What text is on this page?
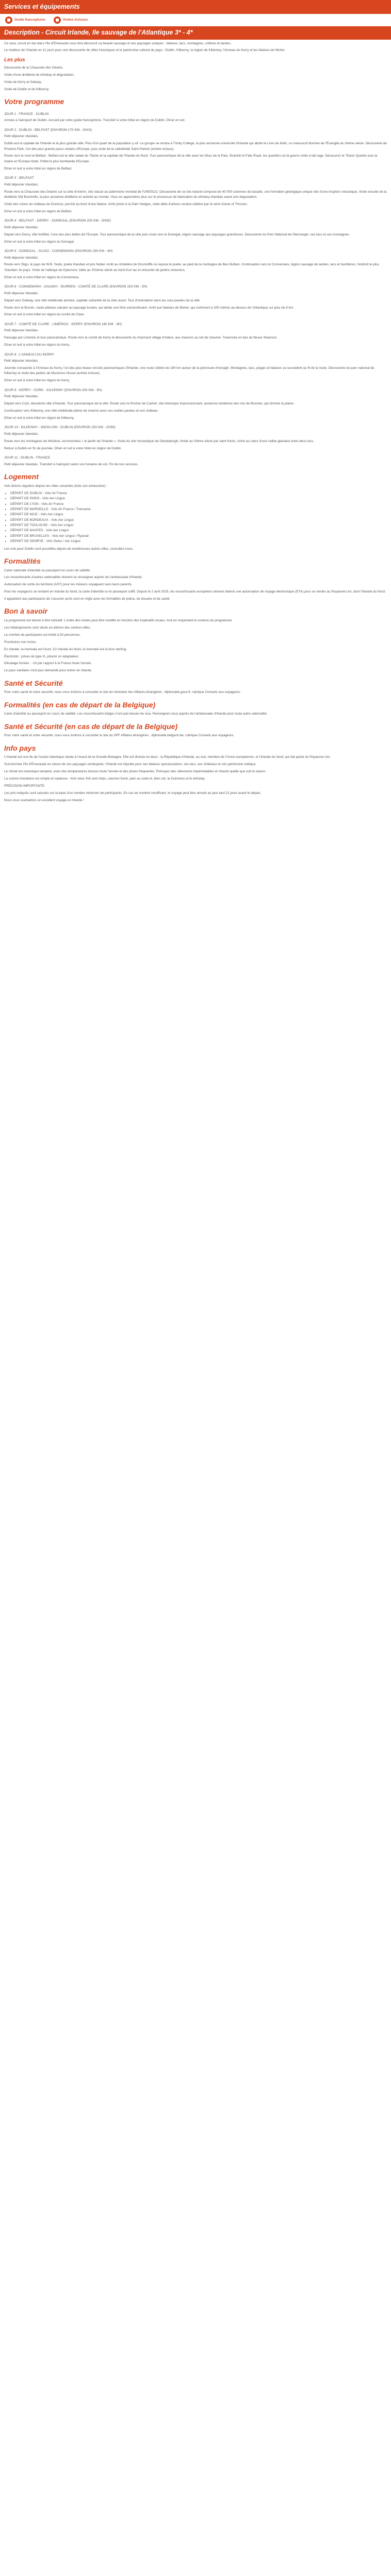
Services et équipements
Guide francophone	Visites incluses
Description - Circuit Irlande, Ile sauvage de l'Atlantique 3* - 4*

Ce sera, circuit en tan dans l'Ile d'Émeraude vous fera découvrir sa beauté sauvage et ses paysages uniques : falaises, lacs, montagnes, collines et landes.

Le meilleur de l'Irlande en 11 jours pour une découverte de villes historiques et le patrimoine culturel du pays : Dublin, Kilkenny, la région de Killarney, l'Anneau du Kerry et les falaises de Moher.

Les plus

Découverte de la Chaussée des Géants.

Visite d'une distillerie de whiskey et dégustation.

Visite de Kerry et Galway.

Visite de Dublin et de Kilkenny.

Votre programme
JOUR 1 : FRANCE - DUBLIN

Arrivée à l'aéroport de Dublin. Accueil par votre guide francophone. Transfert à votre hôtel en région de Dublin. Dîner et nuit.

JOUR 2 : DUBLIN - BELFAST (ENVIRON 170 KM - 2H15)

Petit déjeuner irlandais.

Dublin est la capitale de l'Irlande et la plus grande ville. Plus d'un quart de la population y vit. Le groupe se rendra à Trinity College, la plus ancienne université d'Irlande qui abrite le Livre de Kells, un manuscrit illuminé de l'Évangile du IXème siècle. Découverte de Phoenix Park, l'un des plus grands parcs urbains d'Europe, puis visite de la cathédrale Saint-Patrick (entrée incluse).

Route vers le nord et Belfast : Belfast est la ville natale du Titanic et la capitale de l'Irlande du Nord. Tour panoramique de la ville avec les Murs de la Paix, Shankill et Falls Road, les quartiers où la guerre civile a fait rage. Découvrez le Titanic Quarter puis la mairie et l'Europa Hotel, l'hôtel le plus bombardé d'Europe.

Dîner et nuit à votre hôtel en région de Belfast.

JOUR 3 : BELFAST

Petit déjeuner irlandais.

Route vers la Chaussée des Géants sur la côte d'Antrim, site classé au patrimoine mondial de l'UNESCO. Découverte de ce site naturel composé de 40 000 colonnes de basalte, une formation géologique unique née d'une éruption volcanique. Visite ensuite de la distillerie Old Bushmills, la plus ancienne distillerie en activité au monde. Vous en apprendrez plus sur le processus de fabrication du whiskey irlandais avant une dégustation.

Visite des ruines du château de Dunluce, perché au bord d'une falaise. Arrêt photo à la Dark Hedges, cette allée d'arbres rendue célèbre par la série Game of Thrones.

Dîner et nuit à votre hôtel en région de Belfast.

JOUR 4 : BELFAST - DERRY - DONEGAL (ENVIRON 200 KM - 3H30)

Petit déjeuner irlandais.

Départ vers Derry, ville fortifiée, l'une des plus belles de l'Europe. Tour panoramique de la ville puis route vers le Donegal, région sauvage aux paysages grandioses. Découverte du Parc National de Glenveagh, ses lacs et ses montagnes.

Dîner et nuit à votre hôtel en région du Donegal.

JOUR 5 : DONEGAL - SLIGO - CONNEMARA (ENVIRON 230 KM - 4H)

Petit déjeuner irlandais.

Route vers Sligo, le pays de W.B. Yeats, poète irlandais et prix Nobel. Arrêt au cimetière de Drumcliffe où repose le poète, au pied de la montagne de Ben Bulben. Continuation vers le Connemara, région sauvage de landes, lacs et tourbières, l'endroit le plus ‘irlandais’ du pays. Visite de l'abbaye de Kylemore, bâtie au XIXème siècle au bord d'un lac et entourée de jardins victoriens.

Dîner et nuit à votre hôtel en région du Connemara.

JOUR 6 : CONNEMARA - GALWAY - BURREN - COMTÉ DE CLARE (ENVIRON 150 KM - 3H)

Petit déjeuner irlandais.

Départ vers Galway, une ville médiévale animée, capitale culturelle de la côte ouest. Tour d'orientation dans les rues pavées de la ville.

Route vers le Burren, vaste plateau calcaire au paysage lunaire, qui abrite une flore extraordinaire. Arrêt aux falaises de Moher, qui culminent à 200 mètres au-dessus de l'Atlantique sur plus de 8 km.

Dîner et nuit à votre hôtel en région du comté de Clare.

JOUR 7 : COMTÉ DE CLARE - LIMERICK - KERRY (ENVIRON 180 KM - 3H)

Petit déjeuner irlandais.

Passage par Limerick et tour panoramique. Route vers le comté de Kerry et découverte du charmant village d'Adare, aux maisons au toit de chaume. Traversée en bac du fleuve Shannon.

Dîner et nuit à votre hôtel en région du Kerry.

JOUR 8 : L'ANNEAU DU KERRY

Petit déjeuner irlandais.

Journée consacrée à l'Anneau du Kerry, l'un des plus beaux circuits panoramiques d'Irlande, une route côtière de 180 km autour de la péninsule d'Iveragh. Montagnes, lacs, plages et falaises se succèdent au fil de la route. Découverte du parc national de Killarney et visite des jardins de Muckross House (entrée incluse).

Dîner et nuit à votre hôtel en région du Kerry.

JOUR 9 : KERRY - CORK - KILKENNY (ENVIRON 200 KM - 3H)

Petit déjeuner irlandais.

Départ vers Cork, deuxième ville d'Irlande. Tour panoramique de la ville. Route vers le Rocher de Cashel, site historique impressionnant, ancienne résidence des rois de Munster, qui domine la plaine.

Continuation vers Kilkenny, une ville médiévale pleine de charme avec ses ruelles pavées et son château.

Dîner et nuit à votre hôtel en région de Kilkenny.

JOUR 10 : KILKENNY - WICKLOW - DUBLIN (ENVIRON 150 KM - 2H30)

Petit déjeuner irlandais.

Route vers les montagnes de Wicklow, surnommées « le jardin de l'Irlande ». Visite du site monastique de Glendalough, fondé au VIème siècle par saint Kevin, niché au cœur d'une vallée glaciaire entre deux lacs.

Retour à Dublin en fin de journée. Dîner et nuit à votre hôtel en région de Dublin.

JOUR 11 : DUBLIN - FRANCE

Petit déjeuner irlandais. Transfert à l'aéroport selon vos horaires de vol. Fin de nos services.

Logement

Vols directs réguliers depuis les villes suivantes (liste non exhaustive) :

• DÉPART DE DUBLIN - Vols Air France
• DÉPART DE PARIS - Vols Aer Lingus
• DÉPART DE LYON - Vols Air France
• DÉPART DE MARSEILLE - Vols Air France / Transavia
• DÉPART DE NICE - Vols Aer Lingus
• DÉPART DE BORDEAUX - Vols Aer Lingus
• DÉPART DE TOULOUSE - Vols Aer Lingus
• DÉPART DE NANTES - Vols Aer Lingus
• DÉPART DE BRUXELLES - Vols Aer Lingus / Ryanair
• DÉPART DE GENÈVE - Vols Swiss / Aer Lingus

Les vols pour Dublin sont possibles depuis de nombreuses autres villes, consultez-nous.

Formalités

Carte nationale d'identité ou passeport en cours de validité.

Les ressortissants d'autres nationalités doivent se renseigner auprès de l'ambassade d'Irlande.

Autorisation de sortie du territoire (AST) pour les mineurs voyageant sans leurs parents.

Pour les voyageurs se rendant en Irlande du Nord, la carte d'identité ou le passeport suffit. Depuis le 2 avril 2025, les ressortissants européens doivent obtenir une autorisation de voyage électronique (ETA) pour se rendre au Royaume-Uni, dont l'Irlande du Nord.

Il appartient aux participants de s'assurer qu'ils sont en règle avec les formalités de police, de douane et de santé.

Bon à savoir

Le programme est donné à titre indicatif. L'ordre des visites peut être modifié en fonction des impératifs locaux, tout en respectant le contenu du programme.

Les hébergements sont situés en dehors des centres-villes.

Le nombre de participants est limité à 50 personnes.

Pourboires non inclus.

En Irlande, la monnaie est l'euro. En Irlande du Nord, la monnaie est la livre sterling.

Électricité : prises de type G, prévoir un adaptateur.

Décalage horaire : -1h par rapport à la France toute l'année.

Le pass sanitaire n'est plus demandé pour entrer en Irlande.

Santé et Sécurité

Pour votre santé et votre sécurité, nous vous invitons à consulter le site du ministère des Affaires étrangères : diplomatie.gouv.fr, rubrique Conseils aux voyageurs.

Formalités (en cas de départ de la Belgique)

Carte d'identité ou passeport en cours de validité. Les ressortissants belges n'ont pas besoin de visa. Renseignez-vous auprès de l'ambassade d'Irlande pour toute autre nationalité.

Santé et Sécurité (en cas de départ de la Belgique)

Pour votre santé et votre sécurité, nous vous invitons à consulter le site du SPF Affaires étrangères : diplomatie.belgium.be, rubrique Conseils aux voyageurs.

Info pays

L'Irlande est une île de l'océan Atlantique située à l'ouest de la Grande-Bretagne. Elle est divisée en deux : la République d'Irlande, au sud, membre de l'Union européenne, et l'Irlande du Nord, qui fait partie du Royaume-Uni.

Surnommée l'île d'Émeraude en raison de ses paysages verdoyants, l'Irlande est réputée pour ses falaises spectaculaires, ses lacs, ses châteaux et son patrimoine celtique.

Le climat est océanique tempéré, avec des températures douces toute l'année et des pluies fréquentes. Prévoyez des vêtements imperméables et chauds quelle que soit la saison.

La cuisine irlandaise est simple et copieuse : Irish stew, fish and chips, saumon fumé, pain au soda et, bien sûr, la Guinness et le whiskey.

PRÉCISION IMPORTANTE

Les prix indiqués sont calculés sur la base d'un nombre minimum de participants. En cas de nombre insuffisant, le voyage peut être annulé au plus tard 21 jours avant le départ.

Nous vous souhaitons un excellent voyage en Irlande !
